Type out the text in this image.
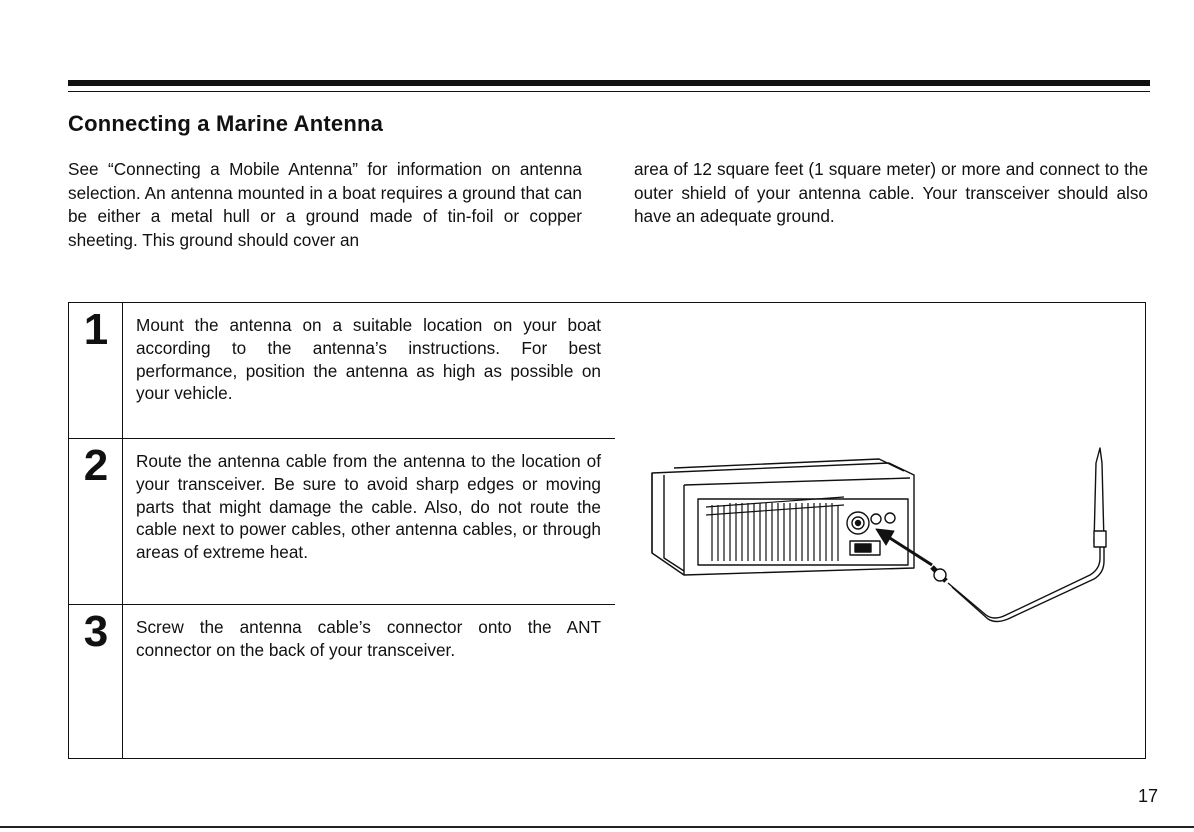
Connecting a Marine Antenna

See “Connecting a Mobile Antenna” for information on antenna selection. An antenna mounted in a boat requires a ground that can be either a metal hull or a ground made of tin-foil or copper sheeting. This ground should cover an

area of 12 square feet (1 square meter) or more and connect to the outer shield of your antenna cable. Your transceiver should also have an adequate ground.

1	Mount the antenna on a suitable location on your boat according to the antenna’s instructions. For best performance, position the antenna as high as possible on your vehicle.

2	Route the antenna cable from the antenna to the location of your transceiver. Be sure to avoid sharp edges or moving parts that might damage the cable. Also, do not route the cable next to power cables, other antenna cables, or through areas of extreme heat.

3	Screw the antenna cable’s connector onto the ANT connector on the back of your transceiver.

17
